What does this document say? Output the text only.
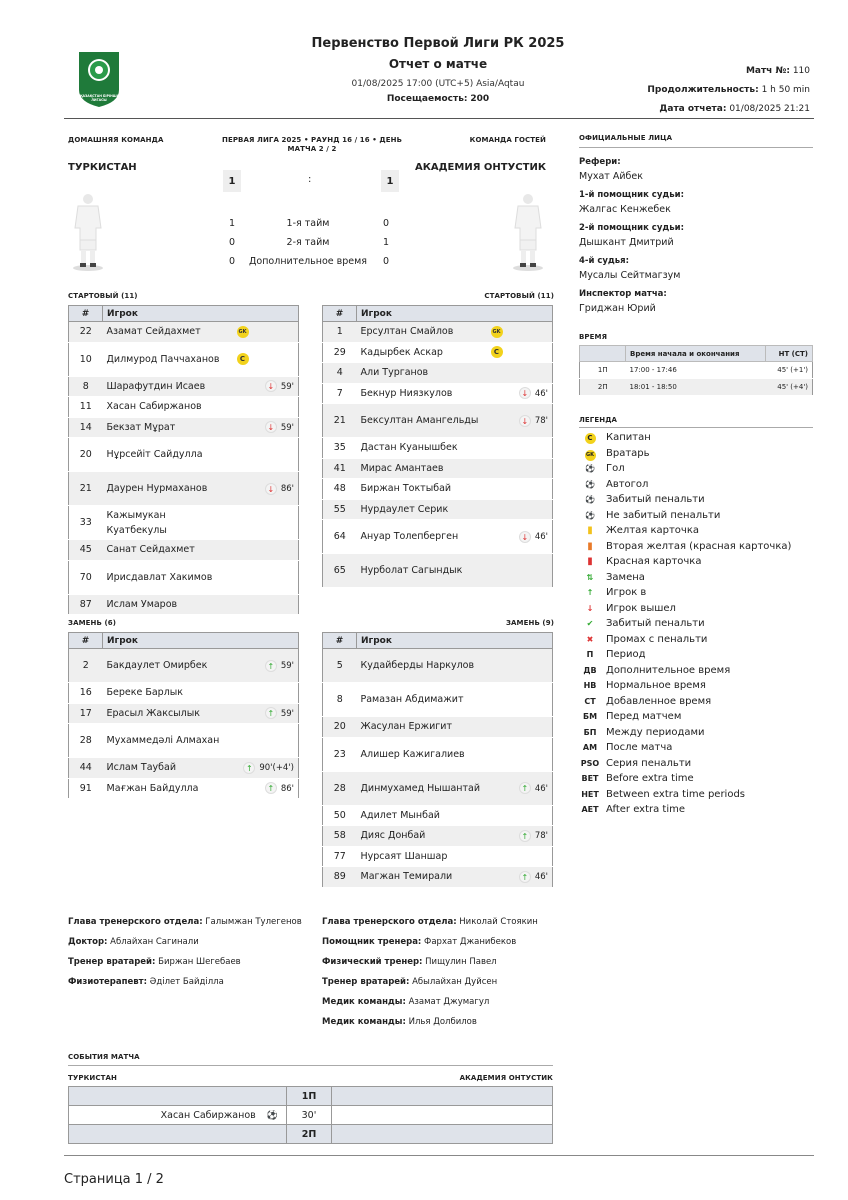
ҚАЗАҚСТАН БІРІНШІ ЛИГАСЫ
Первенство Первой Лиги РК 2025
Отчет о матче
01/08/2025 17:00 (UTC+5) Asia/Aqtau
Посещаемость: 200
Матч №: 110
Продолжительность: 1 h 50 min
Дата отчета: 01/08/2025 21:21
ДОМАШНЯЯ КОМАНДА	ПЕРВАЯ ЛИГА 2025 • РАУНД 16 / 16 • ДЕНЬ МАТЧА 2 / 2
КОМАНДА ГОСТЕЙ
ТУРКИСТАН	АКАДЕМИЯ ОНТУСТИК
1	:	1
1	1-я тайм	0
0	2-я тайм	1
0	Дополнительное время	0
СТАРТОВЫЙ (11)	СТАРТОВЫЙ (11)
#	Игрок	
22	Азамат Сейдахмет	GK
10	Дилмурод Паччаханов	C
8	Шарафутдин Исаев	↓ 59'
11	Хасан Сабиржанов	
14	Бекзат Мұрат	↓ 59'
20	Нұрсейіт Сайдулла	
21	Даурен Нурмаханов	↓ 86'
33	Кажымукан Куатбекулы	
45	Санат Сейдахмет	
70	Ирисдавлат Хакимов	
87	Ислам Умаров	
#	Игрок	
1	Ерсултан Смайлов	GK
29	Кадырбек Аскар	C
4	Али Турганов	
7	Бекнур Ниязкулов	↓ 46'
21	Бексултан Амангельды	↓ 78'
35	Дастан Куанышбек	
41	Мирас Амантаев	
48	Биржан Токтыбай	
55	Нурдаулет Серик	
64	Ануар Толепберген	↓ 46'
65	Нурболат Сагындык	
ЗАМЕНЬ (6)	ЗАМЕНЬ (9)
#	Игрок	
2	Бакдаулет Омирбек	↑ 59'
16	Береке Барлык	
17	Ерасыл Жаксылык	↑ 59'
28	Мухаммедәлі Алмахан	
44	Ислам Таубай	↑ 90'(+4')
91	Мағжан Байдулла	↑ 86'
#	Игрок	
5	Кудайберды Наркулов	
8	Рамазан Абдимажит	
20	Жасулан Ержигит	
23	Алишер Кажигалиев	
28	Динмухамед Нышантай	↑ 46'
50	Адилет Мынбай	
58	Дияс Донбай	↑ 78'
77	Нурсаят Шаншар	
89	Магжан Темирали	↑ 46'
ОФИЦИАЛЬНЫЕ ЛИЦА
Рефери:
Мухат Айбек
1-й помощник судьи:
Жалгас Кенжебек
2-й помощник судьи:
Дышкант Дмитрий
4-й судья:
Мусалы Сейтмагзум
Инспектор матча:
Гриджан Юрий
ВРЕМЯ
	Время начала и окончания	HT (CT)
1П	17:00 - 17:46	45' (+1')
2П	18:01 - 18:50	45' (+4')
ЛЕГЕНДА
C	Капитан
GK	Вратарь
⚽	Гол
⚽	Автогол
⚽	Забитый пенальти
⚽	Не забитый пенальти
▮	Желтая карточка
▮	Вторая желтая (красная карточка)
▮	Красная карточка
⇅	Замена
↑	Игрок в
↓	Игрок вышел
✔	Забитый пенальти
✖	Промах с пенальти
П	Период
ДВ Дополнительное время
НВ Нормальное время
СТ	Добавленное время
БМ Перед матчем
БП Между периодами
АМ После матча
PSO Серия пенальти
BET Before extra time
HET Between extra time periods
AET After extra time
Глава тренерского отдела: Галымжан Тулегенов
Доктор: Аблайхан Сагинали
Тренер вратарей: Биржан Шегебаев
Физиотерапевт: Әділет Байділла
Глава тренерского отдела: Николай Стоякин
Помощник тренера: Фархат Джанибеков
Физический тренер: Пищулин Павел
Тренер вратарей: Абылайхан Дуйсен
Медик команды: Азамат Джумагул
Медик команды: Илья Долбилов
СОБЫТИЯ МАТЧА
ТУРКИСТАН	АКАДЕМИЯ ОНТУСТИК
	1П	
Хасан Сабиржанов ⚽	30'	
	2П	
Страница 1 / 2
